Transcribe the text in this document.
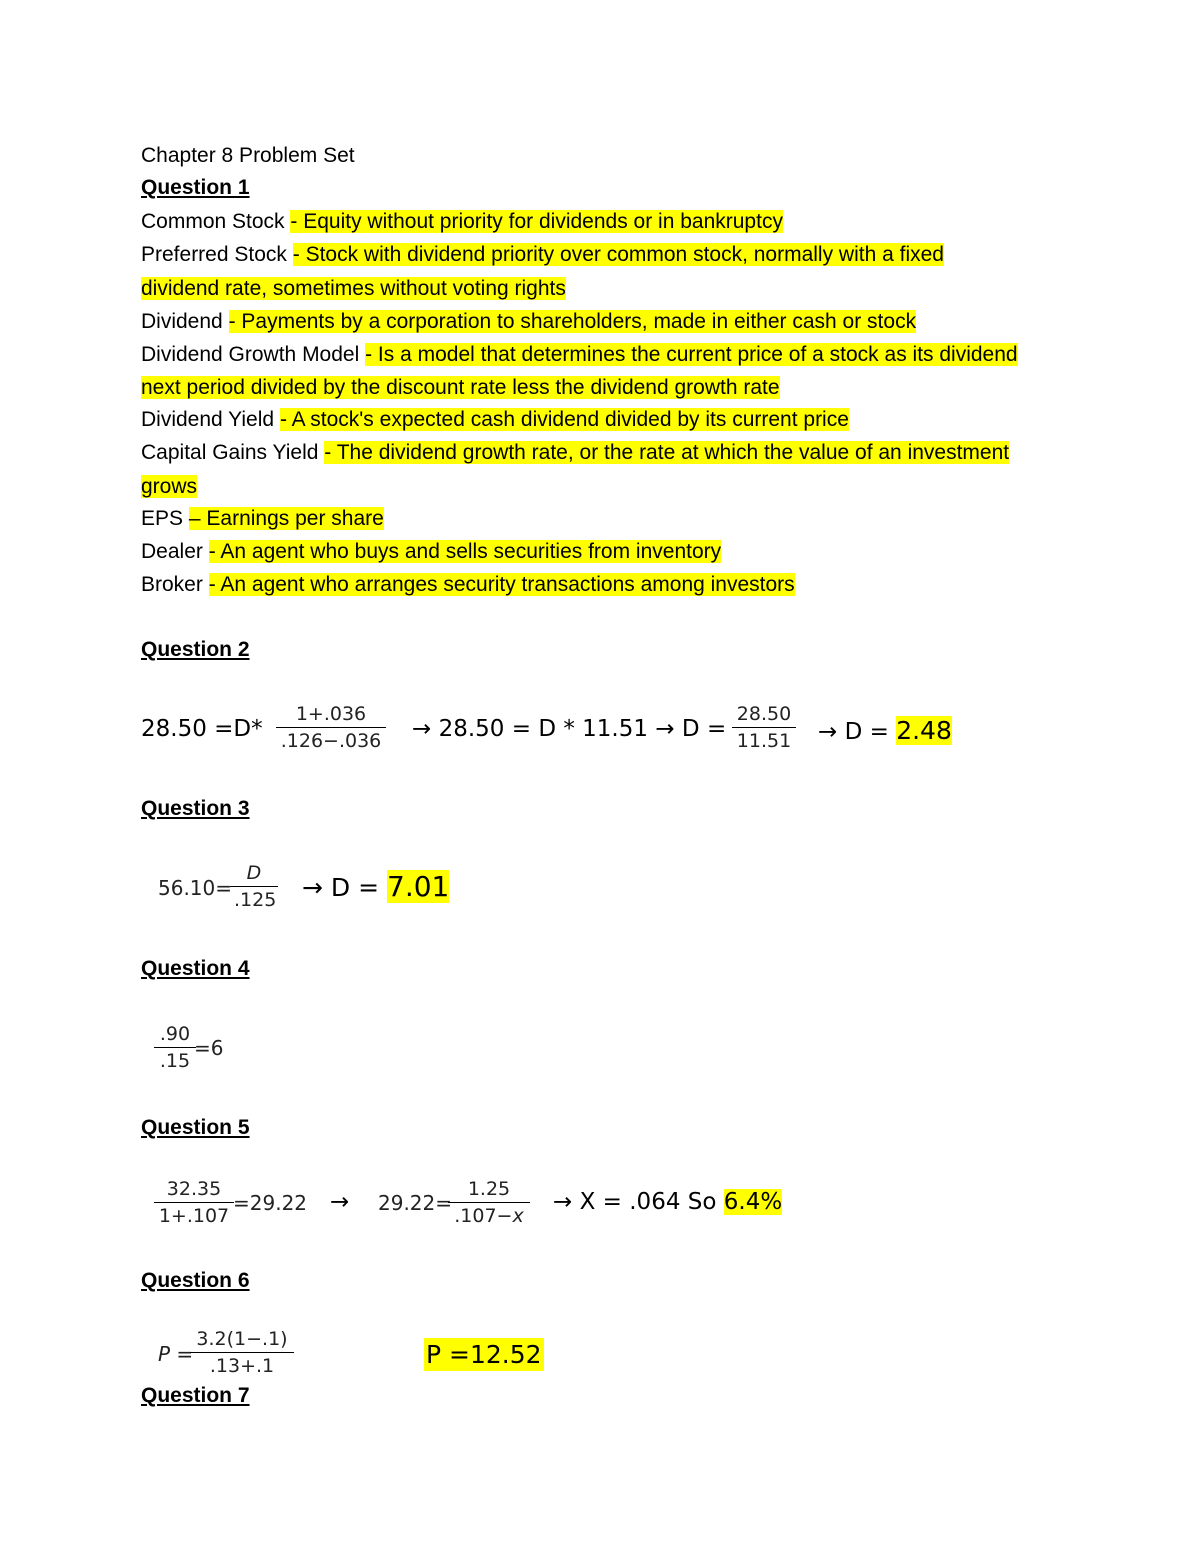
Chapter 8 Problem Set
Question 1
Common Stock - Equity without priority for dividends or in bankruptcy
Preferred Stock - Stock with dividend priority over common stock, normally with a fixed
dividend rate, sometimes without voting rights
Dividend - Payments by a corporation to shareholders, made in either cash or stock
Dividend Growth Model - Is a model that determines the current price of a stock as its dividend
next period divided by the discount rate less the dividend growth rate
Dividend Yield - A stock's expected cash dividend divided by its current price
Capital Gains Yield - The dividend growth rate, or the rate at which the value of an investment
grows
EPS – Earnings per share
Dealer - An agent who buys and sells securities from inventory
Broker - An agent who arranges security transactions among investors
Question 2
$28.50 =D* \frac{1+.036}{.126-.036} \to 28.50 = D * 11.51 \to D = \frac{28.50}{11.51} \to D = 2.48$
Question 3
56.10=
$\frac{D}{.125} \to D = 7.01$
Question 4
$\frac{.90}{.15}$
=6
Question 5
$\frac{32.35}{1+.107} =29.22 \to 29.22=$
$\frac{1.25}{.107-x} \to X = .064$ So 6.4%
Question 6
P =
$\frac{3.2(1-.1)}{.13+.1}$	P =12.52
Question 7
